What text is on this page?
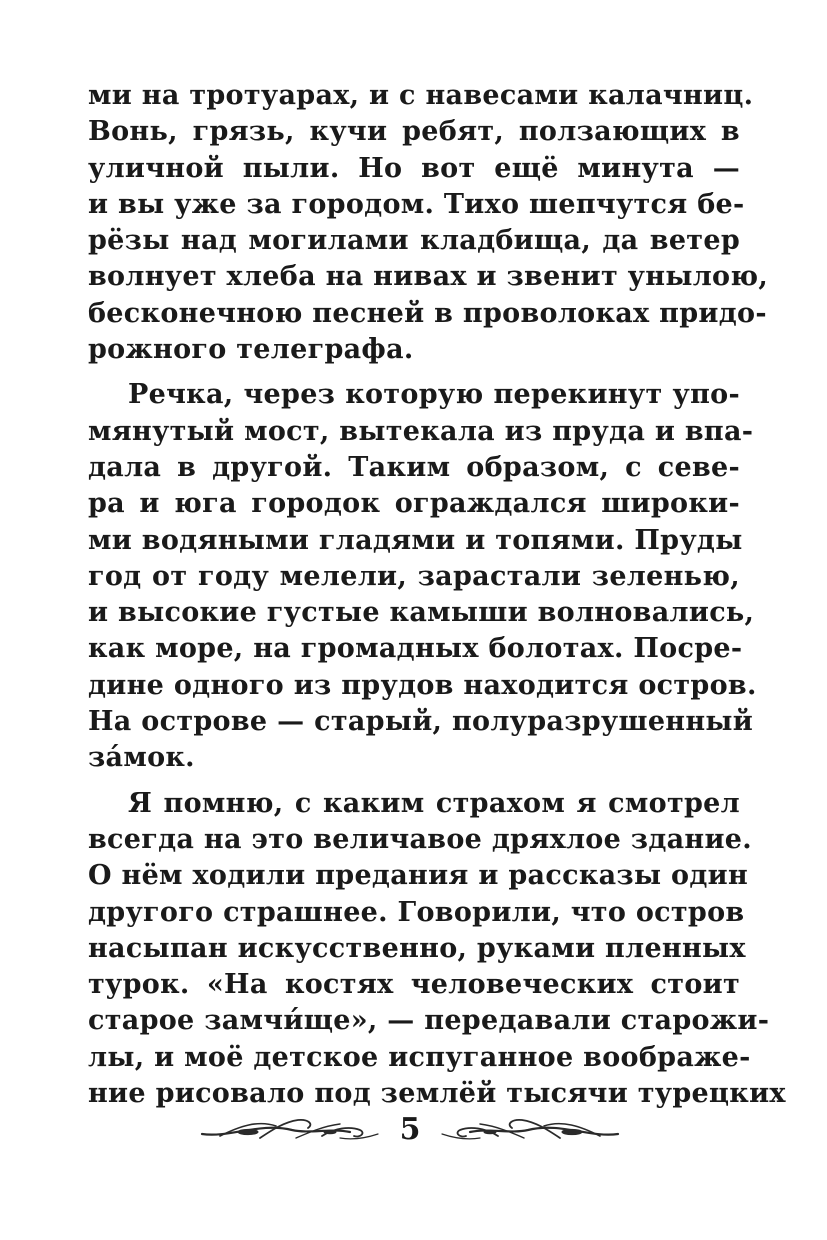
ми на тротуарах, и с навесами калачниц.
Вонь, грязь, кучи ребят, ползающих в
уличной пыли. Но вот ещё минута —
и вы уже за городом. Тихо шепчутся бе-
рёзы над могилами кладбища, да ветер
волнует хлеба на нивах и звенит унылою,
бесконечною песней в проволоках придо-
рожного телеграфа.
Речка, через которую перекинут упо-
мянутый мост, вытекала из пруда и впа-
дала в другой. Таким образом, с севе-
ра и юга городок ограждался широки-
ми водяными гладями и топями. Пруды
год от году мелели, зарастали зеленью,
и высокие густые камыши волновались,
как море, на громадных болотах. Посре-
дине одного из прудов находится остров.
На острове — старый, полуразрушенный
за́мок.
Я помню, с каким страхом я смотрел
всегда на это величавое дряхлое здание.
О нём ходили предания и рассказы один
другого страшнее. Говорили, что остров
насыпан искусственно, руками пленных
турок. «На костях человеческих стоит
старое замчи́ще», — передавали старожи-
лы, и моё детское испуганное воображе-
ние рисовало под землёй тысячи турецких
5
